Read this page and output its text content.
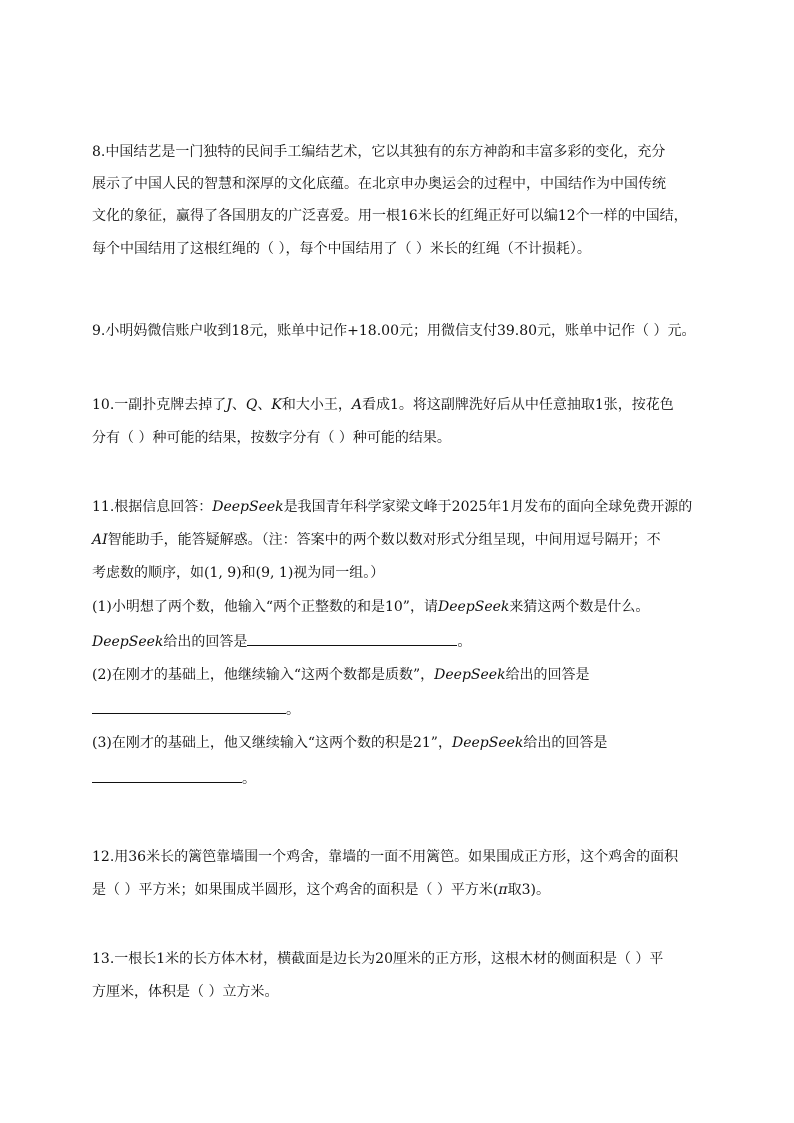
8.中国结艺是一门独特的民间手工编结艺术，它以其独有的东方神韵和丰富多彩的变化，充分
展示了中国人民的智慧和深厚的文化底蕴。在北京申办奥运会的过程中，中国结作为中国传统
文化的象征，赢得了各国朋友的广泛喜爱。用一根16米长的红绳正好可以编12个一样的中国结，
每个中国结用了这根红绳的（ ），每个中国结用了（ ）米长的红绳（不计损耗）。
9.小明妈微信账户收到18元，账单中记作+18.00元；用微信支付39.80元，账单中记作（ ）元。
10.一副扑克牌去掉了J、Q、K和大小王，A看成1。将这副牌洗好后从中任意抽取1张，按花色
分有（ ）种可能的结果，按数字分有（ ）种可能的结果。
11.根据信息回答：DeepSeek是我国青年科学家梁文峰于2025年1月发布的面向全球免费开源的
AI智能助手，能答疑解惑。（注：答案中的两个数以数对形式分组呈现，中间用逗号隔开；不
考虑数的顺序，如(1, 9)和(9, 1)视为同一组。）
(1)小明想了两个数，他输入“两个正整数的和是10”，请DeepSeek来猜这两个数是什么。
DeepSeek给出的回答是	。
(2)在刚才的基础上，他继续输入“这两个数都是质数”，DeepSeek给出的回答是
。
(3)在刚才的基础上，他又继续输入“这两个数的积是21”，DeepSeek给出的回答是
。
12.用36米长的篱笆靠墙围一个鸡舍，靠墙的一面不用篱笆。如果围成正方形，这个鸡舍的面积
是（ ）平方米；如果围成半圆形，这个鸡舍的面积是（ ）平方米(π取3)。
13.一根长1米的长方体木材，横截面是边长为20厘米的正方形，这根木材的侧面积是（ ）平
方厘米，体积是（ ）立方米。
